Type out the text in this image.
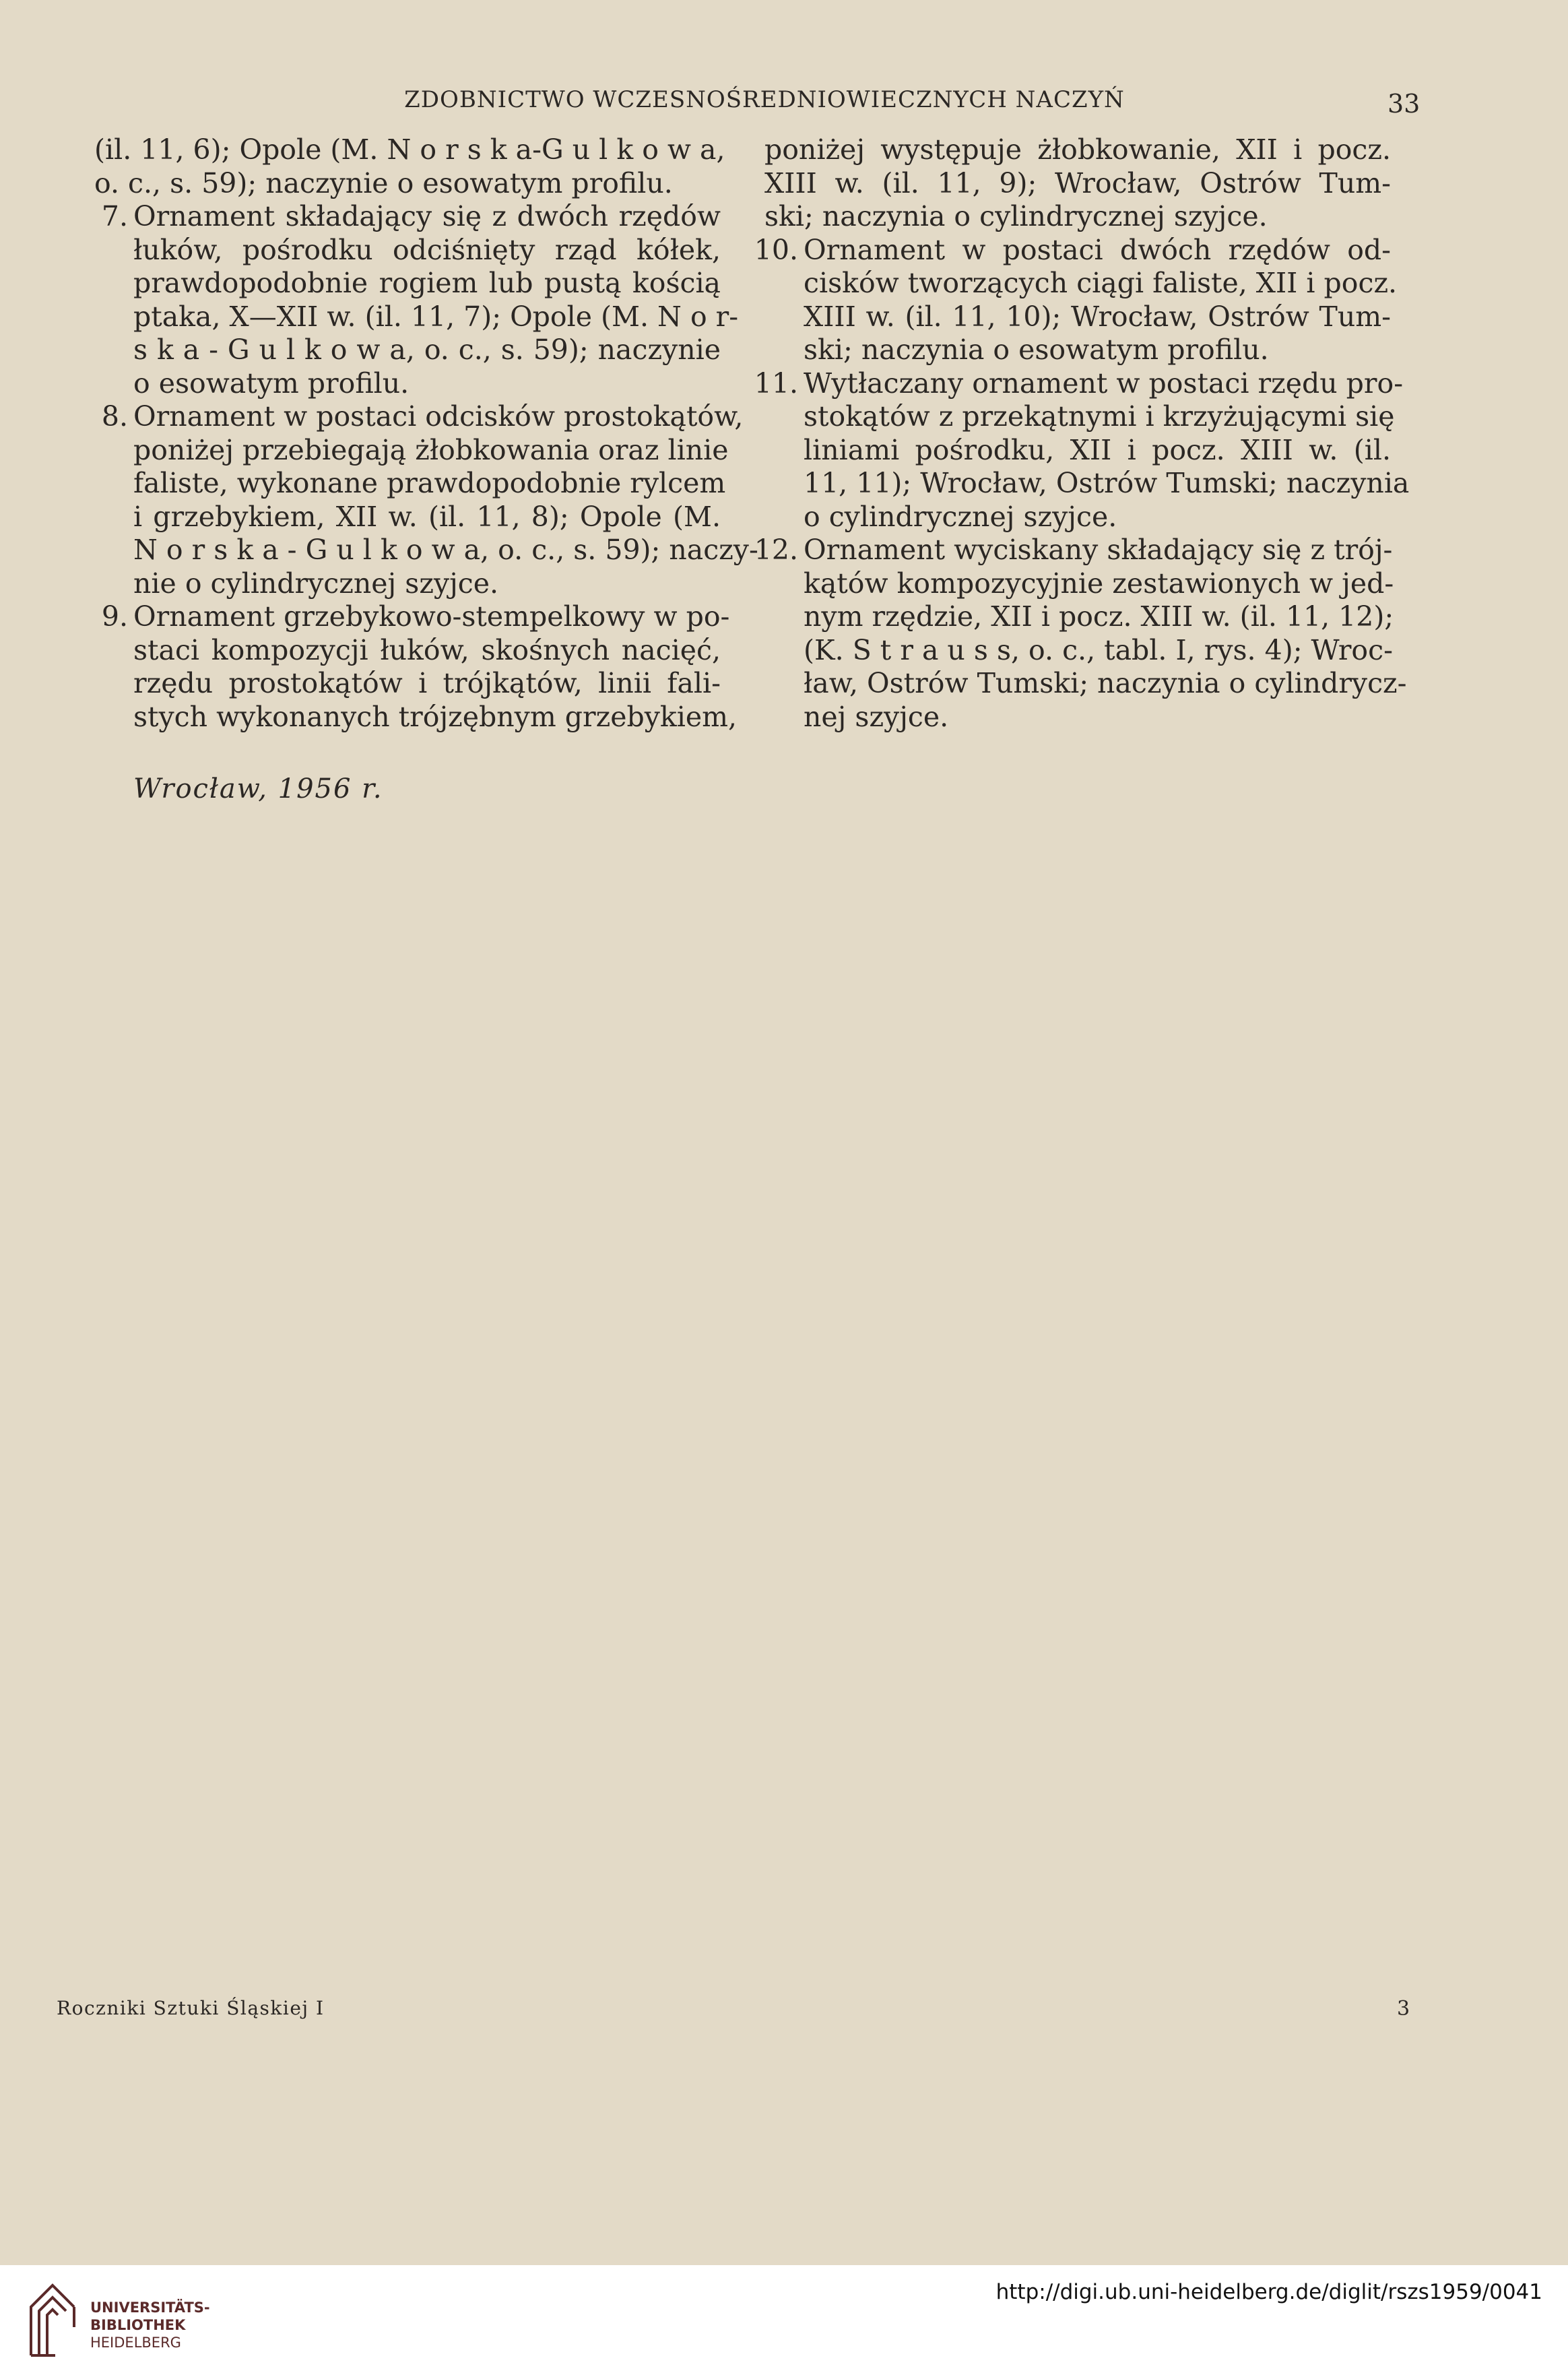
ZDOBNICTWO WCZESNOŚREDNIOWIECZNYCH NACZYŃ	33
(il. 11, 6); Opole (M. N o r s k a-G u l k o w a,
o. c., s. 59); naczynie o esowatym profilu.
7. Ornament składający się z dwóch rzędów
łuków, pośrodku odciśnięty rząd kółek,
prawdopodobnie rogiem lub pustą kością
ptaka, X—XII w. (il. 11, 7); Opole (M. N o r-
s k a - G u l k o w a, o. c., s. 59); naczynie
o esowatym profilu.
8. Ornament w postaci odcisków prostokątów,
poniżej przebiegają żłobkowania oraz linie
faliste, wykonane prawdopodobnie rylcem
i grzebykiem, XII w. (il. 11, 8); Opole (M.
N o r s k a - G u l k o w a, o. c., s. 59); naczy-
nie o cylindrycznej szyjce.
9. Ornament grzebykowo-stempelkowy w po-
staci kompozycji łuków, skośnych nacięć,
rzędu prostokątów i trójkątów, linii fali-
stych wykonanych trójzębnym grzebykiem,
poniżej występuje żłobkowanie, XII i pocz.
XIII w. (il. 11, 9); Wrocław, Ostrów Tum-
ski; naczynia o cylindrycznej szyjce.
10. Ornament w postaci dwóch rzędów od-
cisków tworzących ciągi faliste, XII i pocz.
XIII w. (il. 11, 10); Wrocław, Ostrów Tum-
ski; naczynia o esowatym profilu.
11. Wytłaczany ornament w postaci rzędu pro-
stokątów z przekątnymi i krzyżującymi się
liniami pośrodku, XII i pocz. XIII w. (il.
11, 11); Wrocław, Ostrów Tumski; naczynia
o cylindrycznej szyjce.
12. Ornament wyciskany składający się z trój-
kątów kompozycyjnie zestawionych w jed-
nym rzędzie, XII i pocz. XIII w. (il. 11, 12);
(K. S t r a u s s, o. c., tabl. I, rys. 4); Wroc-
ław, Ostrów Tumski; naczynia o cylindrycz-
nej szyjce.
Wrocław, 1956 r.
Roczniki Sztuki Śląskiej I	3
UNIVERSITÄTS-
BIBLIOTHEK
HEIDELBERG
http://digi.ub.uni-heidelberg.de/diglit/rszs1959/0041
